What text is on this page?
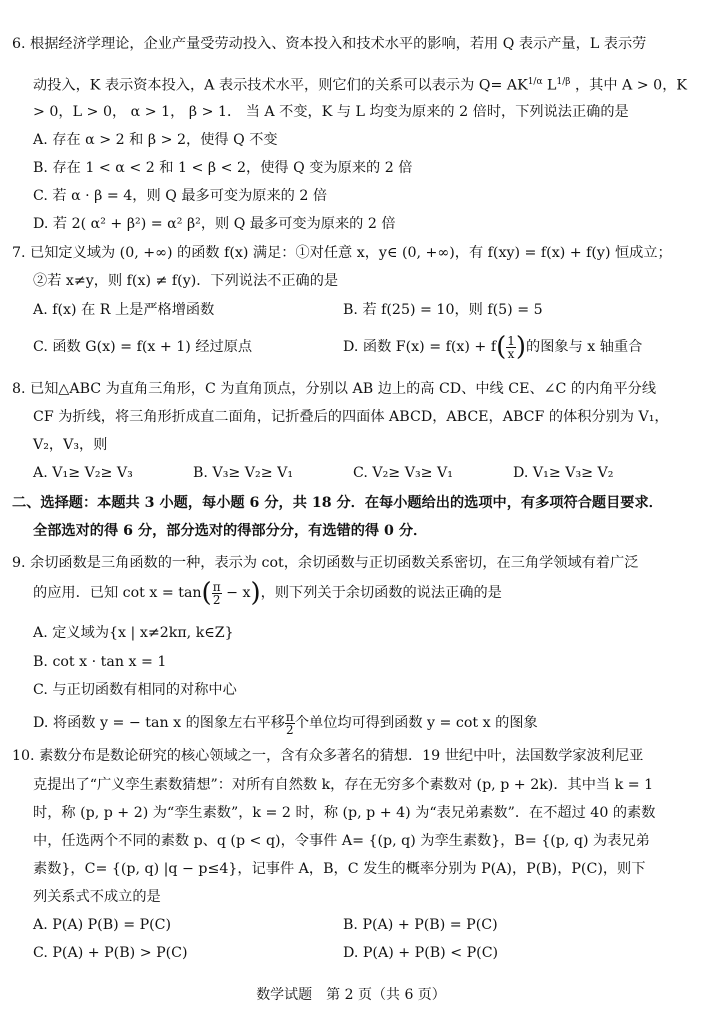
6. 根据经济学理论，企业产量受劳动投入、资本投入和技术水平的影响，若用 Q 表示产量，L 表示劳
动投入，K 表示资本投入，A 表示技术水平，则它们的关系可以表示为 $Q= AK^{1/\alpha}$ $L^{1/\beta}$ ，其中 A > 0，K
> 0，L > 0， α > 1， β > 1． 当 A 不变，K 与 L 均变为原来的 2 倍时，下列说法正确的是
A. 存在 α > 2 和 β > 2，使得 Q 不变
B. 存在 1 < α < 2 和 1 < β < 2，使得 Q 变为原来的 2 倍
C. 若 α · β = 4，则 Q 最多可变为原来的 2 倍
D. 若 2( α² + β²) = α² β²，则 Q 最多可变为原来的 2 倍
7. 已知定义域为 (0, +∞) 的函数 f(x) 满足：①对任意 x，y∈ (0, +∞)，有 f(xy) = f(x) + f(y) 恒成立；
②若 x≠y，则 f(x) ≠ f(y)．下列说法不正确的是
A. f(x) 在 R 上是严格增函数	B. 若 f(25) = 10，则 f(5) = 5
C. 函数 G(x) = f(x + 1) 经过原点	D. 函数 $F(x) = f(x) + f( \frac{1}{x}$ )的图象与 x 轴重合
8. 已知△ABC 为直角三角形，C 为直角顶点，分别以 AB 边上的高 CD、中线 CE、∠C 的内角平分线
CF 为折线，将三角形折成直二面角，记折叠后的四面体 ABCD，ABCE，ABCF 的体积分别为 V₁，
V₂，V₃，则
A. V₁≥ V₂≥ V₃	B. V₃≥ V₂≥ V₁	C. V₂≥ V₃≥ V₁	D. V₁≥ V₃≥ V₂
二、选择题：本题共 3 小题，每小题 6 分，共 18 分．在每小题给出的选项中，有多项符合题目要求．
全部选对的得 6 分，部分选对的得部分分，有选错的得 0 分．
9. 余切函数是三角函数的一种，表示为 cot，余切函数与正切函数关系密切，在三角学领域有着广泛
的应用．已知 $\cot x = \tan( \frac{\pi}{2} - x)$，则下列关于余切函数的说法正确的是
A. 定义域为{x | x≠2kπ, k∈Z}
B. cot x · tan x = 1
C. 与正切函数有相同的对称中心
D. 将函数 y = − tan x 的图象左右平移 $\frac{\pi}{2}$ 个单位均可得到函数 y = cot x 的图象
10. 素数分布是数论研究的核心领域之一，含有众多著名的猜想．19 世纪中叶，法国数学家波利尼亚
克提出了“广义孪生素数猜想”：对所有自然数 k，存在无穷多个素数对 (p, p + 2k)．其中当 k = 1
时，称 (p, p + 2) 为“孪生素数”，k = 2 时，称 (p, p + 4) 为“表兄弟素数”．在不超过 40 的素数
中，任选两个不同的素数 p、q (p < q)，令事件 A= {(p, q) 为孪生素数}，B= {(p, q) 为表兄弟
素数}，C= {(p, q) |q − p≤4}，记事件 A，B，C 发生的概率分别为 P(A)，P(B)，P(C)，则下
列关系式不成立的是
A. P(A) P(B) = P(C)	B. P(A) + P(B) = P(C)
C. P(A) + P(B) > P(C)	D. P(A) + P(B) < P(C)
数学试题　第 2 页（共 6 页）
